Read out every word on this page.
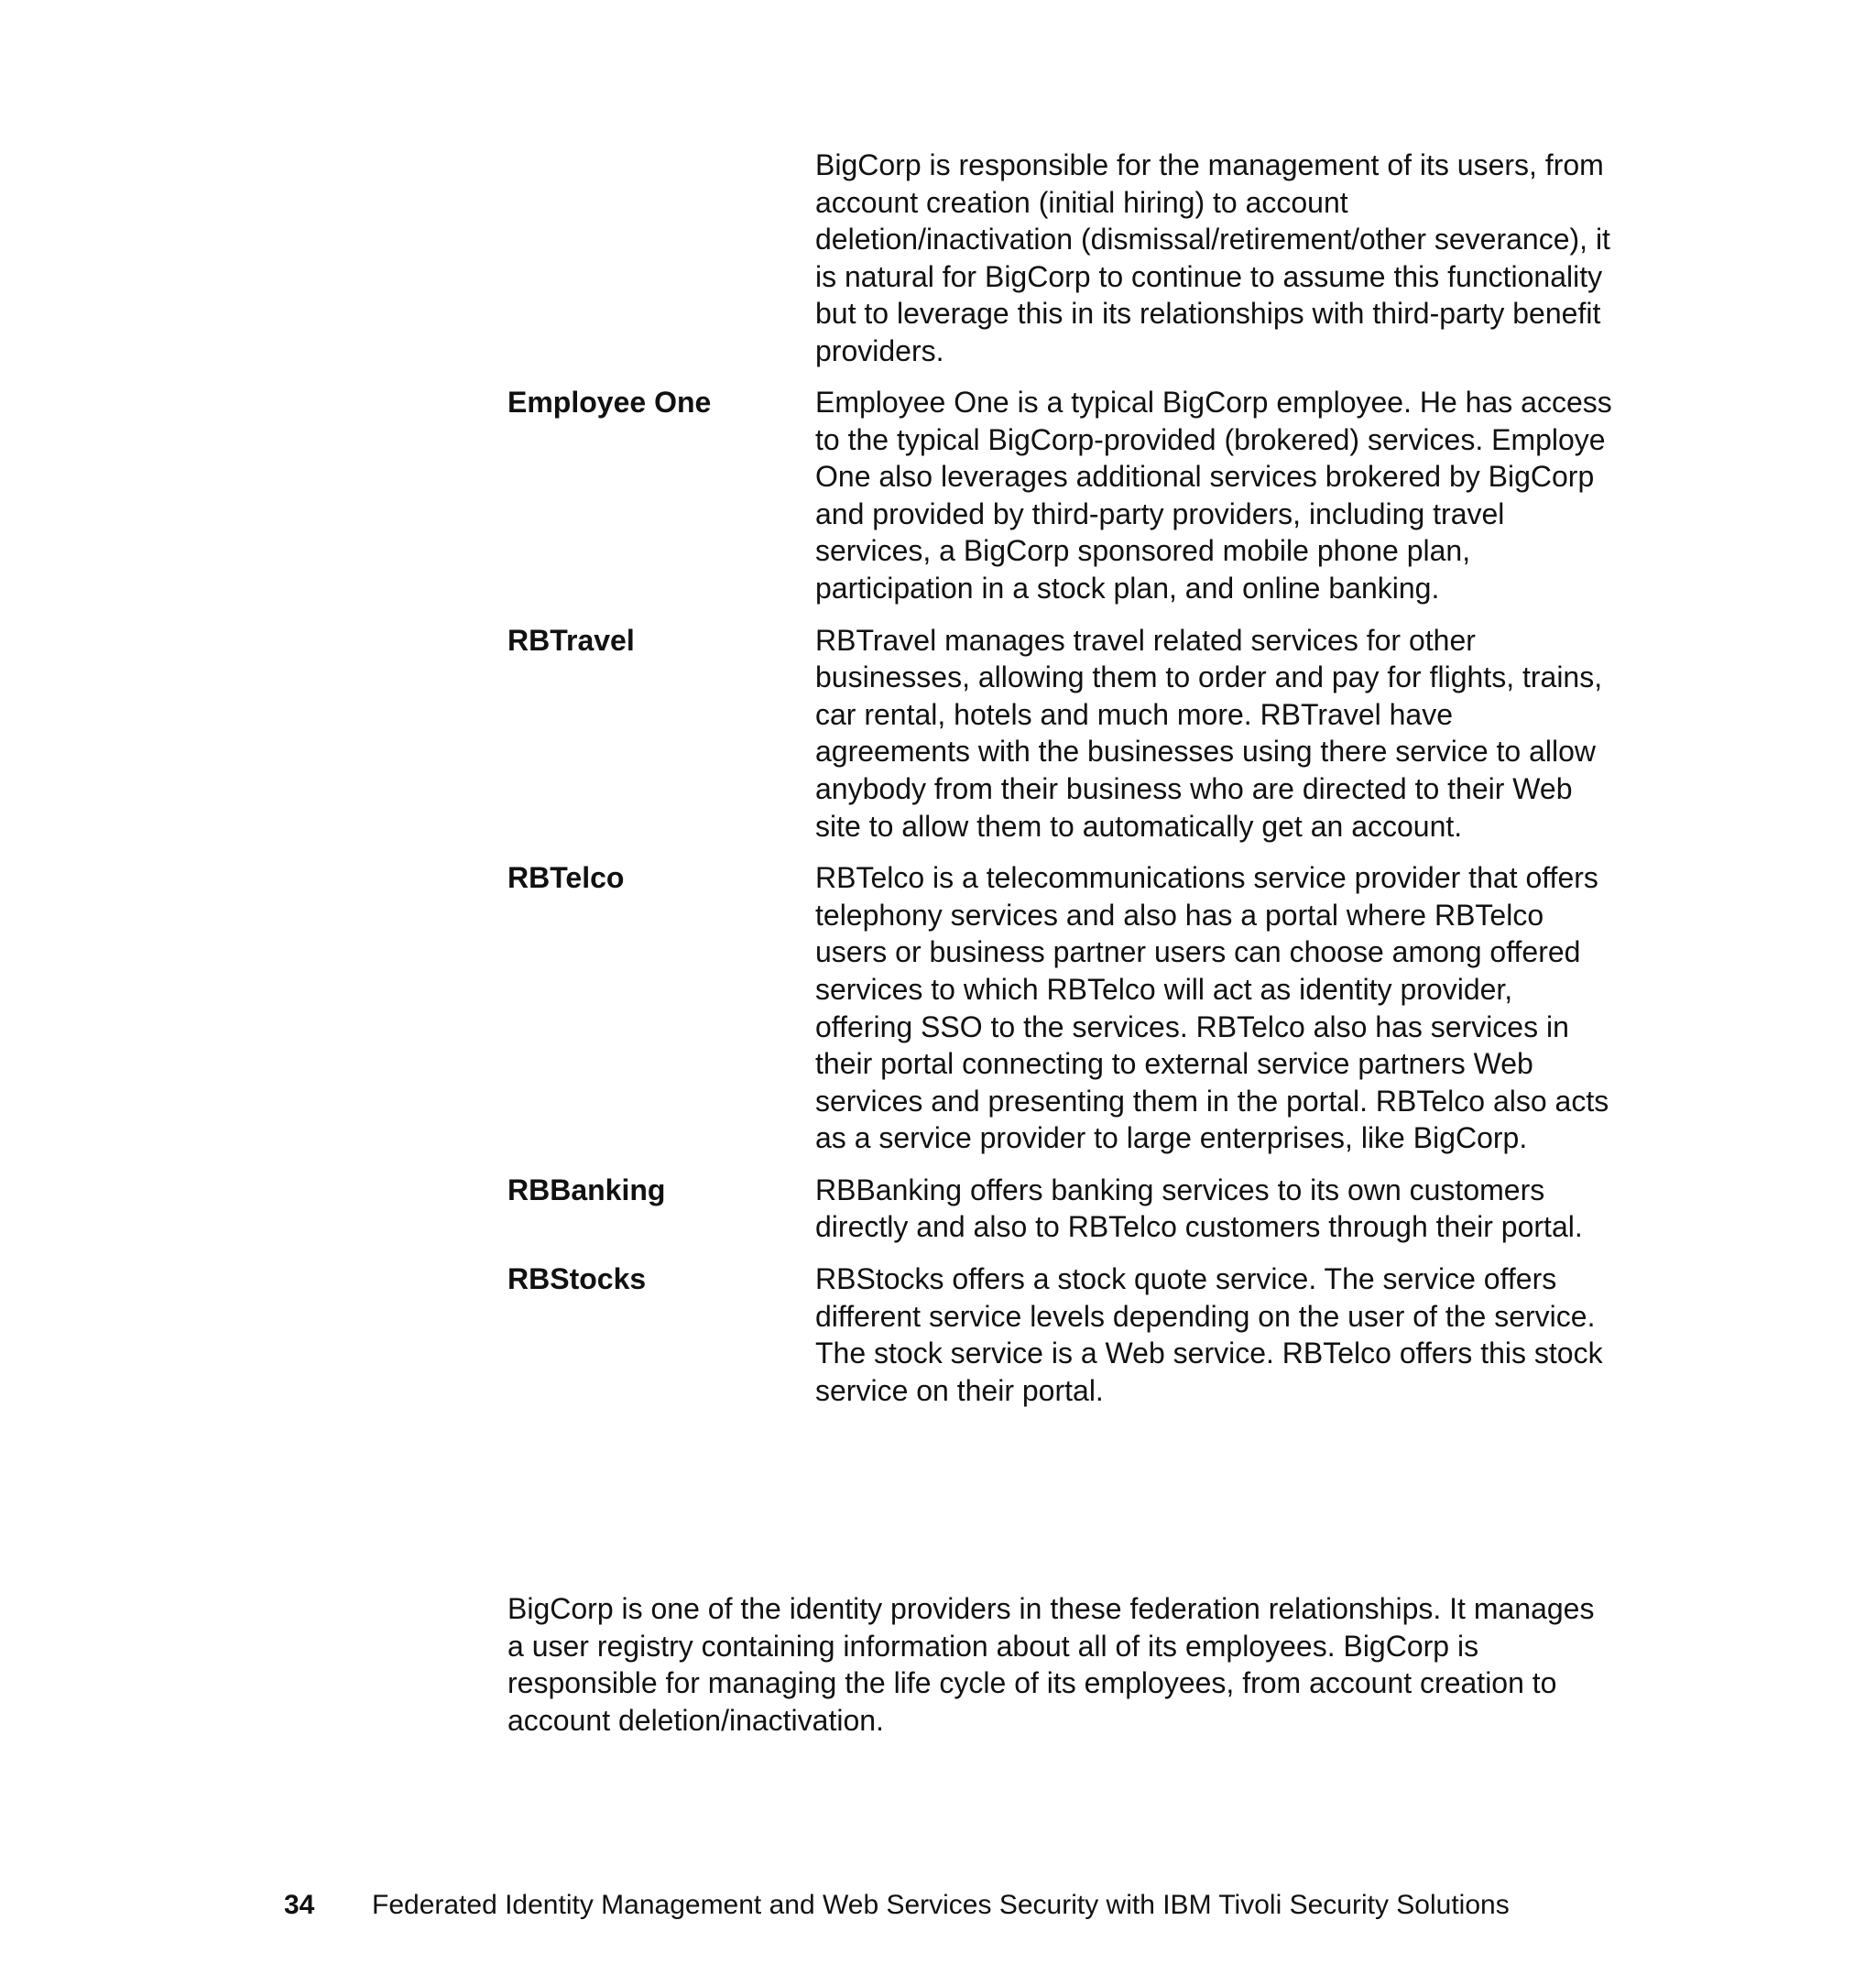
BigCorp is responsible for the management of its users, from account creation (initial hiring) to account deletion/inactivation (dismissal/retirement/other severance), it is natural for BigCorp to continue to assume this functionality but to leverage this in its relationships with third-party benefit providers.

Employee One	Employee One is a typical BigCorp employee. He has access to the typical BigCorp-provided (brokered) services. Employe One also leverages additional services brokered by BigCorp and provided by third-party providers, including travel services, a BigCorp sponsored mobile phone plan, participation in a stock plan, and online banking.
RBTravel	RBTravel manages travel related services for other businesses, allowing them to order and pay for flights, trains, car rental, hotels and much more. RBTravel have agreements with the businesses using there service to allow anybody from their business who are directed to their Web site to allow them to automatically get an account.
RBTelco	RBTelco is a telecommunications service provider that offers telephony services and also has a portal where RBTelco users or business partner users can choose among offered services to which RBTelco will act as identity provider, offering SSO to the services. RBTelco also has services in their portal connecting to external service partners Web services and presenting them in the portal. RBTelco also acts as a service provider to large enterprises, like BigCorp.
RBBanking	RBBanking offers banking services to its own customers directly and also to RBTelco customers through their portal.
RBStocks	RBStocks offers a stock quote service. The service offers different service levels depending on the user of the service. The stock service is a Web service. RBTelco offers this stock service on their portal.

BigCorp is one of the identity providers in these federation relationships. It manages a user registry containing information about all of its employees. BigCorp is responsible for managing the life cycle of its employees, from account creation to account deletion/inactivation.

34 Federated Identity Management and Web Services Security with IBM Tivoli Security Solutions
